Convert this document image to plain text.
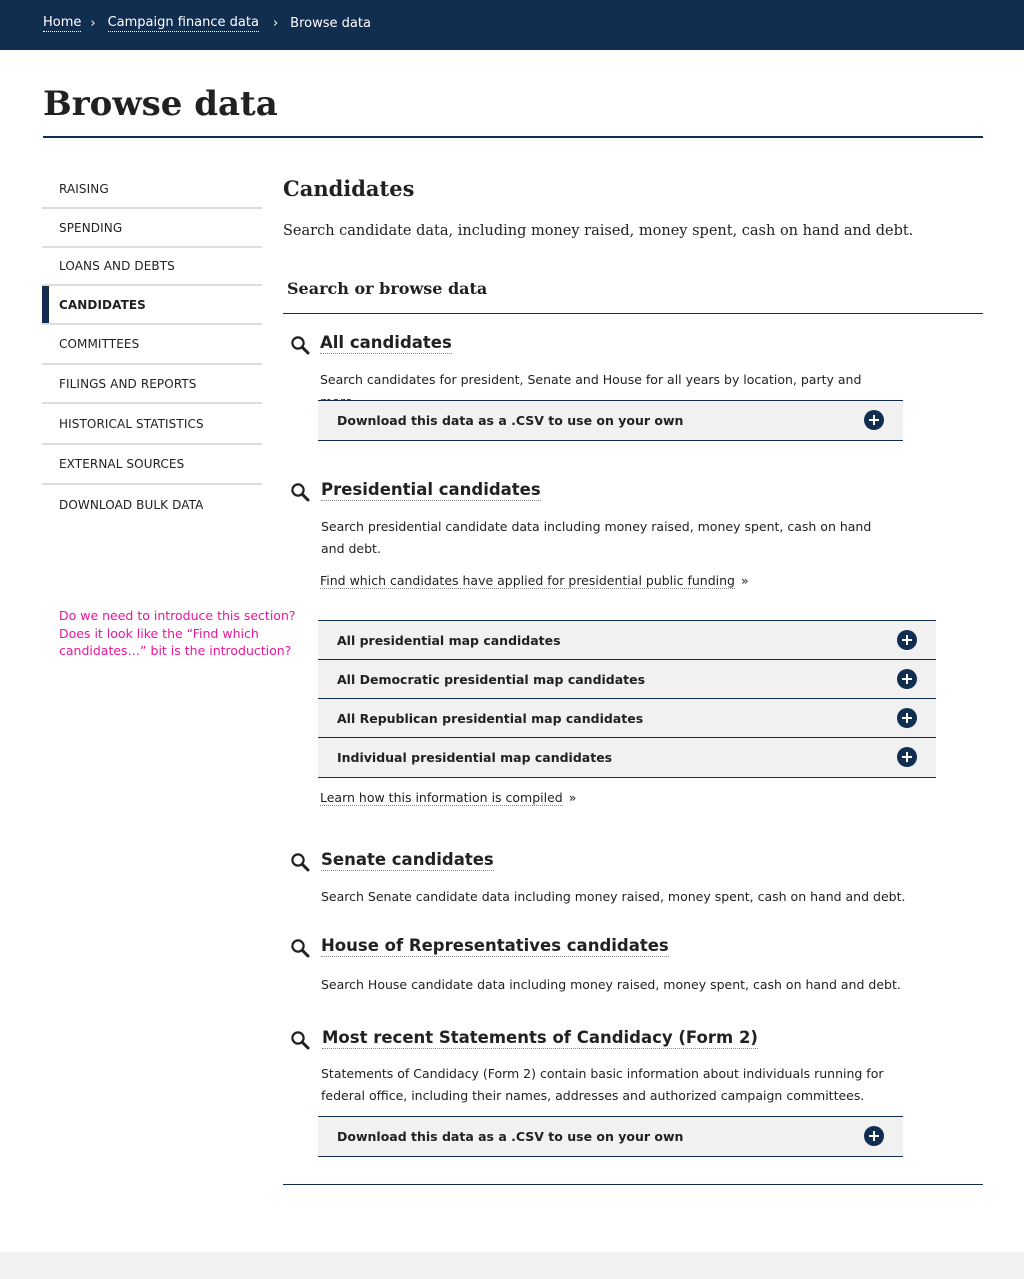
Home › Campaign finance data › Browse data
Browse data
RAISING
SPENDING
LOANS AND DEBTS
CANDIDATES
COMMITTEES
FILINGS AND REPORTS
HISTORICAL STATISTICS
EXTERNAL SOURCES
DOWNLOAD BULK DATA
Do we need to introduce this section? Does it look like the “Find which candidates…” bit is the introduction?
Candidates

Search candidate data, including money raised, money spent, cash on hand and debt.

Search or browse data
All candidates

Search candidates for president, Senate and House for all years by location, party and

Download this data as a .CSV to use on your own
Presidential candidates

Search presidential candidate data including money raised, money spent, cash on hand and debt.

Find which candidates have applied for presidential public funding »
All presidential map candidates
All Democratic presidential map candidates
All Republican presidential map candidates
Individual presidential map candidates
Learn how this information is compiled »
Senate candidates

Search Senate candidate data including money raised, money spent, cash on hand and debt.

House of Representatives candidates

Search House candidate data including money raised, money spent, cash on hand and debt.

Most recent Statements of Candidacy (Form 2)

Statements of Candidacy (Form 2) contain basic information about individuals running for federal office, including their names, addresses and authorized campaign committees.

Download this data as a .CSV to use on your own
